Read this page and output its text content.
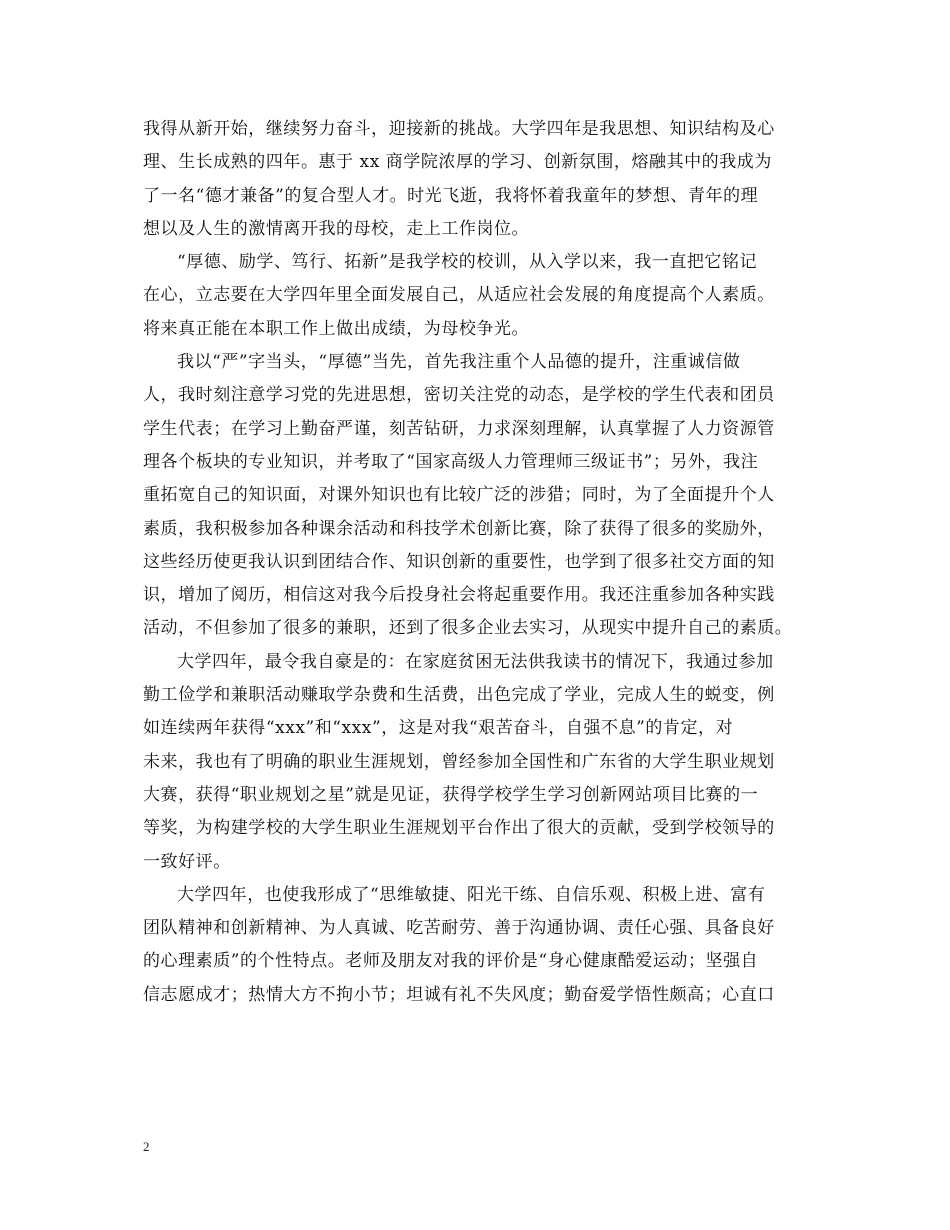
我得从新开始，继续努力奋斗，迎接新的挑战。大学四年是我思想、知识结构及心
理、生长成熟的四年。惠于 xx 商学院浓厚的学习、创新氛围，熔融其中的我成为
了一名“德才兼备”的复合型人才。时光飞逝，我将怀着我童年的梦想、青年的理
想以及人生的激情离开我的母校，走上工作岗位。

“厚德、励学、笃行、拓新”是我学校的校训，从入学以来，我一直把它铭记
在心，立志要在大学四年里全面发展自己，从适应社会发展的角度提高个人素质。
将来真正能在本职工作上做出成绩，为母校争光。

我以“严”字当头，“厚德”当先，首先我注重个人品德的提升，注重诚信做
人，我时刻注意学习党的先进思想，密切关注党的动态，是学校的学生代表和团员
学生代表；在学习上勤奋严谨，刻苦钻研，力求深刻理解，认真掌握了人力资源管
理各个板块的专业知识，并考取了“国家高级人力管理师三级证书”；另外，我注
重拓宽自己的知识面，对课外知识也有比较广泛的涉猎；同时，为了全面提升个人
素质，我积极参加各种课余活动和科技学术创新比赛，除了获得了很多的奖励外，
这些经历使更我认识到团结合作、知识创新的重要性，也学到了很多社交方面的知
识，增加了阅历，相信这对我今后投身社会将起重要作用。我还注重参加各种实践
活动，不但参加了很多的兼职，还到了很多企业去实习，从现实中提升自己的素质。

大学四年，最令我自豪是的：在家庭贫困无法供我读书的情况下，我通过参加
勤工俭学和兼职活动赚取学杂费和生活费，出色完成了学业，完成人生的蜕变，例
如连续两年获得“xxx”和“xxx”，这是对我“艰苦奋斗，自强不息”的肯定，对
未来，我也有了明确的职业生涯规划，曾经参加全国性和广东省的大学生职业规划
大赛，获得“职业规划之星”就是见证，获得学校学生学习创新网站项目比赛的一
等奖，为构建学校的大学生职业生涯规划平台作出了很大的贡献，受到学校领导的
一致好评。

大学四年，也使我形成了“思维敏捷、阳光干练、自信乐观、积极上进、富有
团队精神和创新精神、为人真诚、吃苦耐劳、善于沟通协调、责任心强、具备良好
的心理素质”的个性特点。老师及朋友对我的评价是“身心健康酷爱运动；坚强自
信志愿成才；热情大方不拘小节；坦诚有礼不失风度；勤奋爱学悟性颇高；心直口

2
